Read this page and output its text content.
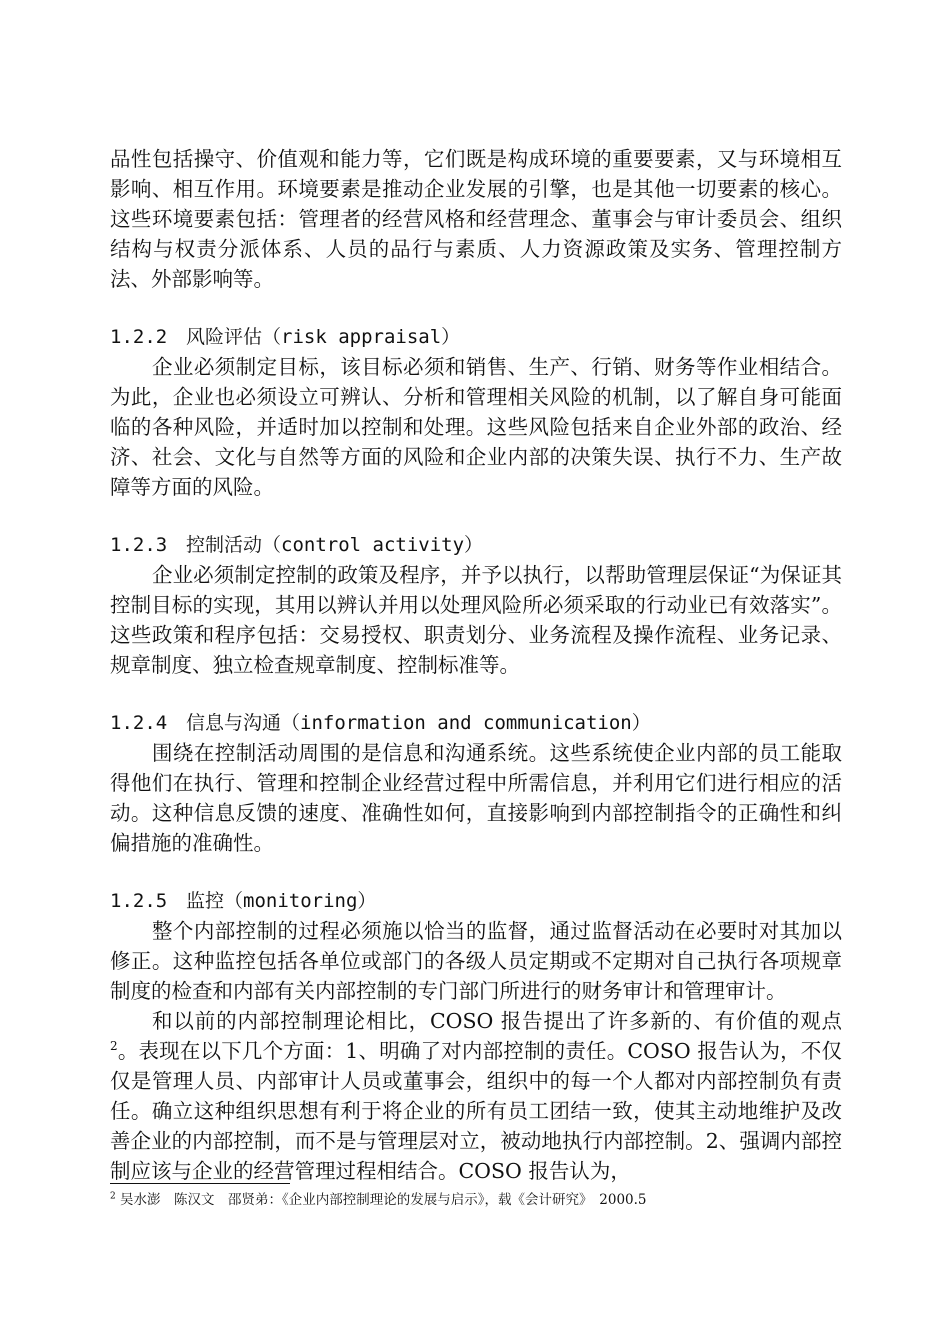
品性包括操守、价值观和能力等，它们既是构成环境的重要要素，又与环境相互影响、相互作用。环境要素是推动企业发展的引擎，也是其他一切要素的核心。这些环境要素包括：管理者的经营风格和经营理念、董事会与审计委员会、组织结构与权责分派体系、人员的品行与素质、人力资源政策及实务、管理控制方法、外部影响等。

1.2.2 风险评估（risk appraisal）

企业必须制定目标，该目标必须和销售、生产、行销、财务等作业相结合。为此，企业也必须设立可辨认、分析和管理相关风险的机制，以了解自身可能面临的各种风险，并适时加以控制和处理。这些风险包括来自企业外部的政治、经济、社会、文化与自然等方面的风险和企业内部的决策失误、执行不力、生产故障等方面的风险。

1.2.3 控制活动（control activity）

企业必须制定控制的政策及程序，并予以执行，以帮助管理层保证“为保证其控制目标的实现，其用以辨认并用以处理风险所必须采取的行动业已有效落实”。这些政策和程序包括：交易授权、职责划分、业务流程及操作流程、业务记录、规章制度、独立检查规章制度、控制标准等。

1.2.4 信息与沟通（information and communication）

围绕在控制活动周围的是信息和沟通系统。这些系统使企业内部的员工能取得他们在执行、管理和控制企业经营过程中所需信息，并利用它们进行相应的活动。这种信息反馈的速度、准确性如何，直接影响到内部控制指令的正确性和纠偏措施的准确性。

1.2.5 监控（monitoring）

整个内部控制的过程必须施以恰当的监督，通过监督活动在必要时对其加以修正。这种监控包括各单位或部门的各级人员定期或不定期对自己执行各项规章制度的检查和内部有关内部控制的专门部门所进行的财务审计和管理审计。

和以前的内部控制理论相比，COSO 报告提出了许多新的、有价值的观点$^2$。表现在以下几个方面：1、明确了对内部控制的责任。COSO 报告认为，不仅仅是管理人员、内部审计人员或董事会，组织中的每一个人都对内部控制负有责任。确立这种组织思想有利于将企业的所有员工团结一致，使其主动地维护及改善企业的内部控制，而不是与管理层对立，被动地执行内部控制。2、强调内部控制应该与企业的经营管理过程相结合。COSO 报告认为，

$^2$ 吴水澎　陈汉文　邵贤弟：《企业内部控制理论的发展与启示》，载《会计研究》　2000.5
